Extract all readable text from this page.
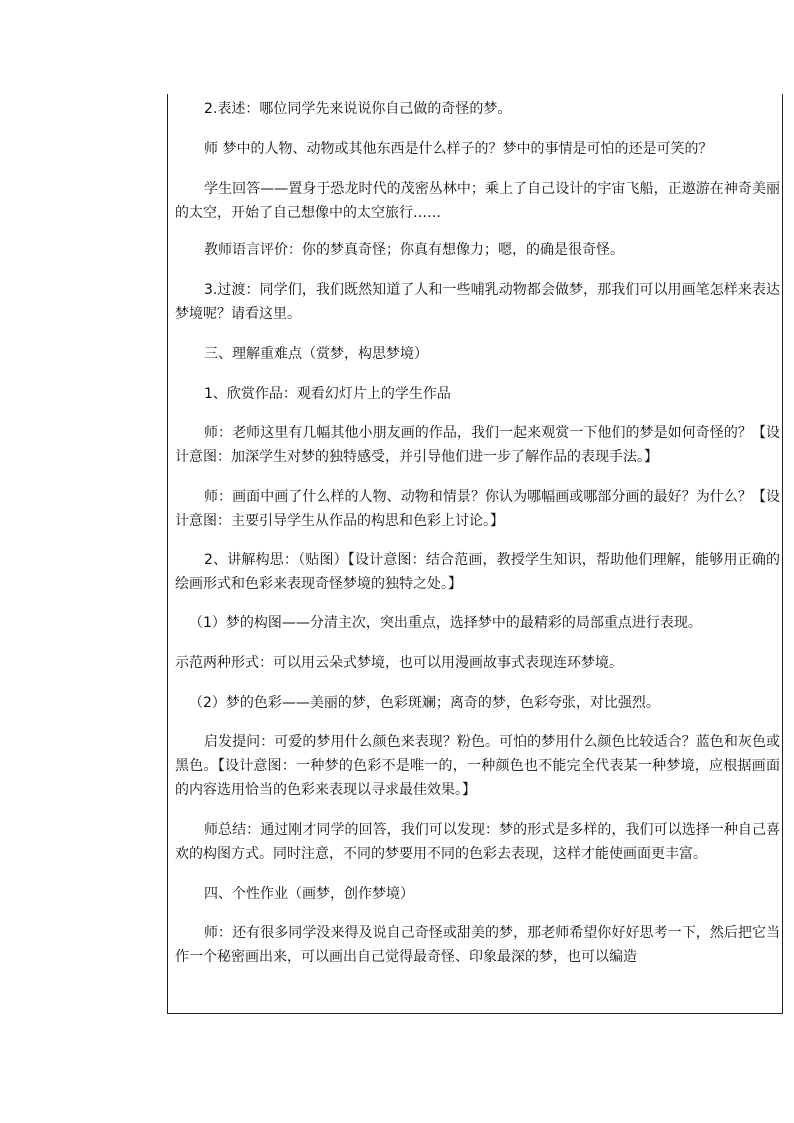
2.表述：哪位同学先来说说你自己做的奇怪的梦。

师 梦中的人物、动物或其他东西是什么样子的？梦中的事情是可怕的还是可笑的？

学生回答——置身于恐龙时代的茂密丛林中；乘上了自己设计的宇宙飞船，正遨游在神奇美丽的太空，开始了自己想像中的太空旅行……

教师语言评价：你的梦真奇怪；你真有想像力；嗯，的确是很奇怪。

3.过渡：同学们，我们既然知道了人和一些哺乳动物都会做梦，那我们可以用画笔怎样来表达梦境呢？请看这里。

三、理解重难点（赏梦，构思梦境）

1、欣赏作品：观看幻灯片上的学生作品

师：老师这里有几幅其他小朋友画的作品，我们一起来观赏一下他们的梦是如何奇怪的？【设计意图：加深学生对梦的独特感受，并引导他们进一步了解作品的表现手法。】

师：画面中画了什么样的人物、动物和情景？你认为哪幅画或哪部分画的最好？为什么？【设计意图：主要引导学生从作品的构思和色彩上讨论。】

2、讲解构思：（贴图）【设计意图：结合范画，教授学生知识，帮助他们理解，能够用正确的绘画形式和色彩来表现奇怪梦境的独特之处。】

（1）梦的构图——分清主次，突出重点，选择梦中的最精彩的局部重点进行表现。

示范两种形式：可以用云朵式梦境，也可以用漫画故事式表现连环梦境。

（2）梦的色彩——美丽的梦，色彩斑斓；离奇的梦，色彩夸张，对比强烈。

启发提问：可爱的梦用什么颜色来表现？粉色。可怕的梦用什么颜色比较适合？蓝色和灰色或黑色。【设计意图：一种梦的色彩不是唯一的，一种颜色也不能完全代表某一种梦境，应根据画面的内容选用恰当的色彩来表现以寻求最佳效果。】

师总结：通过刚才同学的回答，我们可以发现：梦的形式是多样的，我们可以选择一种自己喜欢的构图方式。同时注意，不同的梦要用不同的色彩去表现，这样才能使画面更丰富。

四、个性作业（画梦，创作梦境）

师：还有很多同学没来得及说自己奇怪或甜美的梦，那老师希望你好好思考一下，然后把它当作一个秘密画出来，可以画出自己觉得最奇怪、印象最深的梦，也可以编造
